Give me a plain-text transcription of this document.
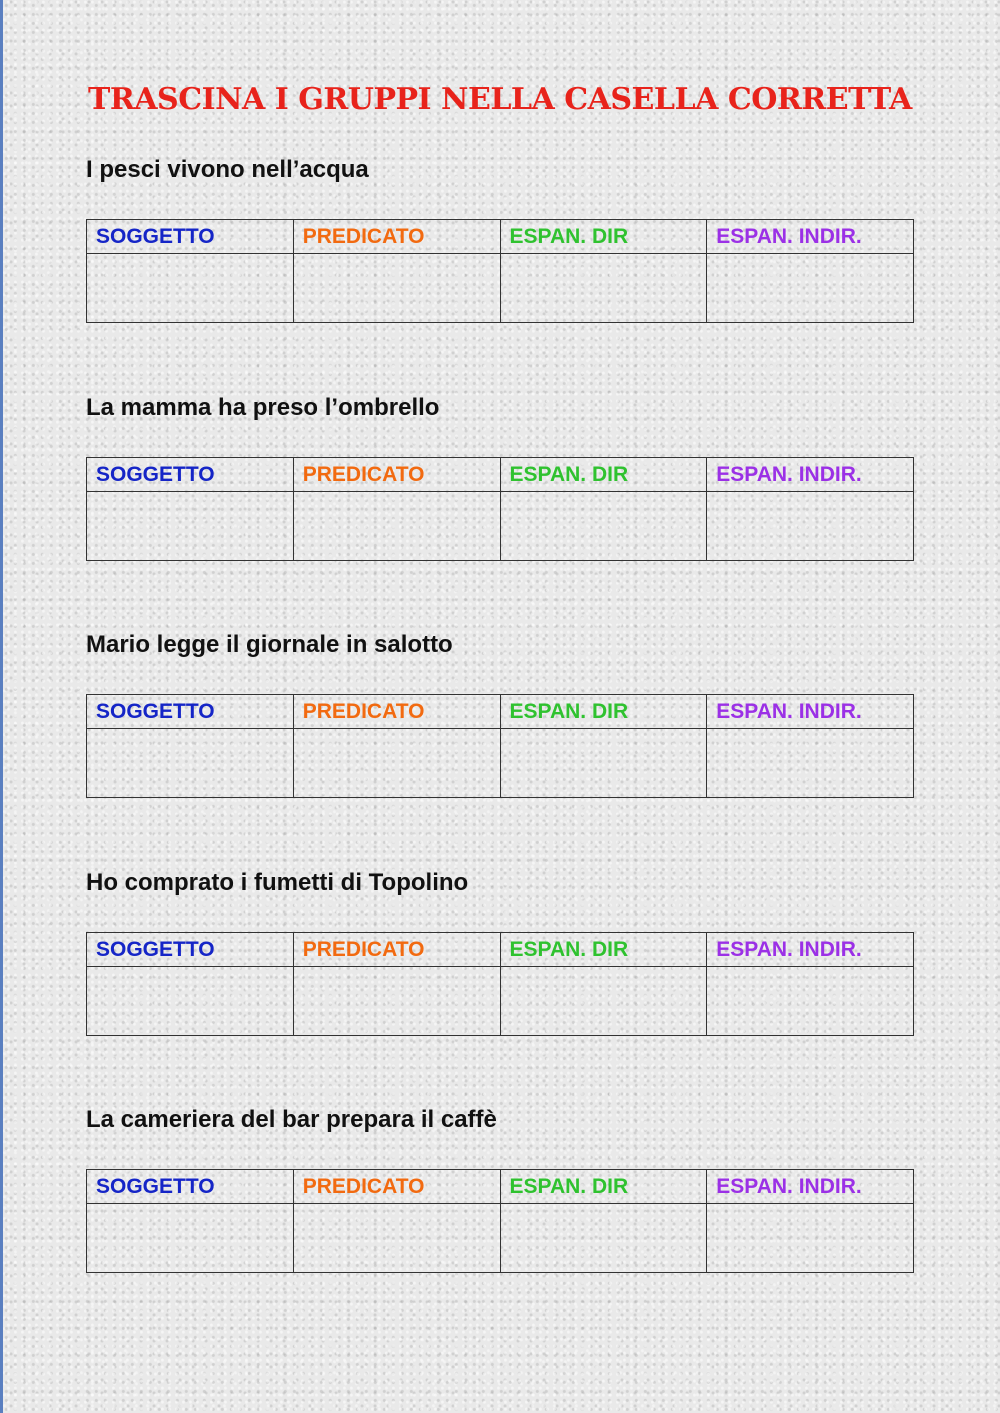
TRASCINA I GRUPPI NELLA CASELLA CORRETTA

I pesci vivono nell’acqua

SOGGETTO	PREDICATO	ESPAN. DIR	ESPAN. INDIR.

La mamma ha preso l’ombrello

SOGGETTO	PREDICATO	ESPAN. DIR	ESPAN. INDIR.

Mario legge il giornale in salotto

SOGGETTO	PREDICATO	ESPAN. DIR	ESPAN. INDIR.

Ho comprato i fumetti di Topolino

SOGGETTO	PREDICATO	ESPAN. DIR	ESPAN. INDIR.

La cameriera del bar prepara il caffè

SOGGETTO	PREDICATO	ESPAN. DIR	ESPAN. INDIR.
